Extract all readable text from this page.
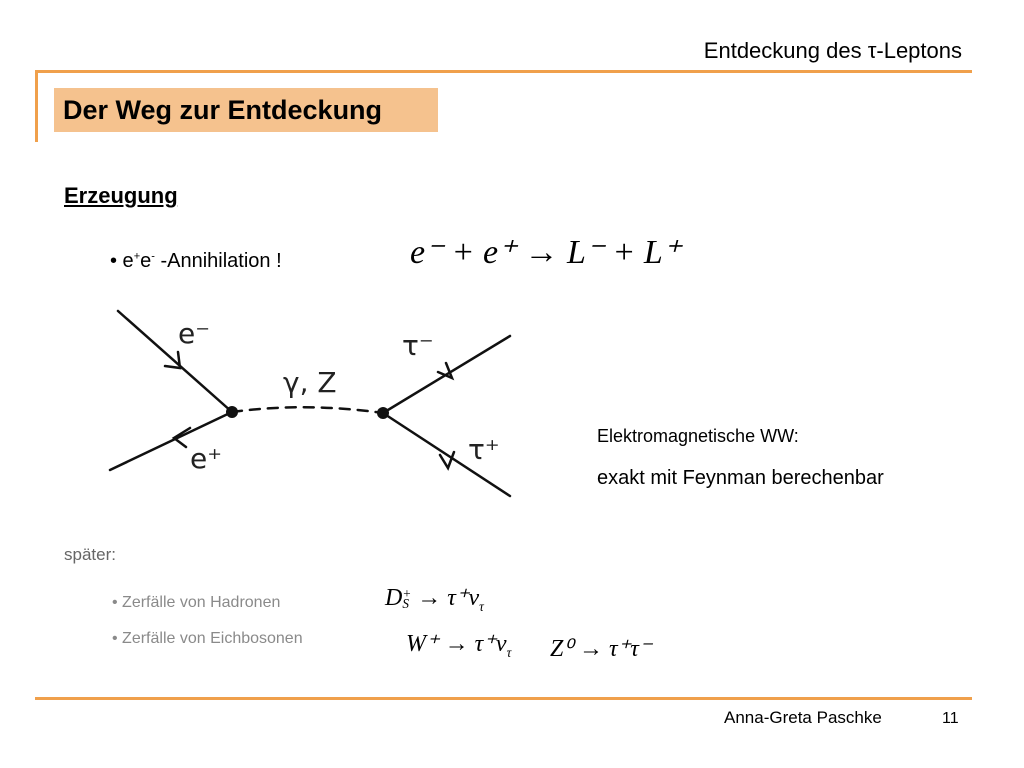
Entdeckung des τ-Leptons
Der Weg zur Entdeckung
Erzeugung
• e+e- -Annihilation !	e⁻ + e⁺ → L⁻ + L⁺
e⁻
e⁺
γ, Z
τ⁻
τ⁺	Elektromagnetische WW:
exakt mit Feynman berechenbar
später:
• Zerfälle von Hadronen
• Zerfälle von Eichbosonen
D +
$S \to \tau^+\nu_\tau$
$W^+ \to \tau^+\nu_\tau$ Z⁰ → τ⁺τ⁻
Anna-Greta Paschke	11
